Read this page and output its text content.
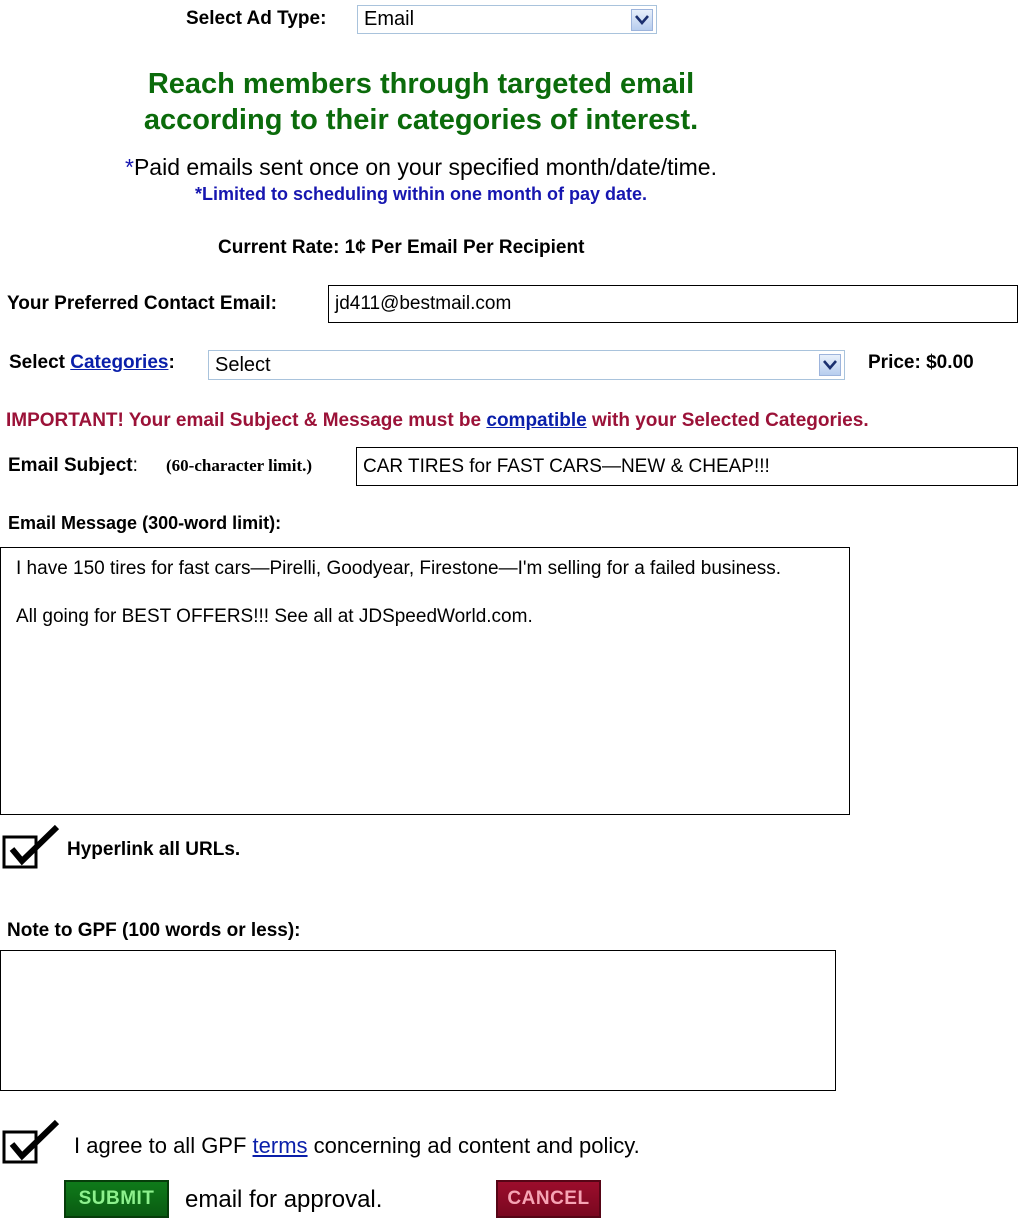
Select Ad Type:	Email
Reach members through targeted email
according to their categories of interest.
*Paid emails sent once on your specified month/date/time.
*Limited to scheduling within one month of pay date.
Current Rate: 1¢ Per Email Per Recipient
Your Preferred Contact Email:	jd411@bestmail.com
Select Categories:	Select	Price: $0.00
IMPORTANT! Your email Subject & Message must be compatible with your Selected Categories.
Email Subject: (60-character limit.)	CAR TIRES for FAST CARS—NEW & CHEAP!!!
Email Message (300-word limit):
I have 150 tires for fast cars—Pirelli, Goodyear, Firestone—I'm selling for a failed business.
All going for BEST OFFERS!!! See all at JDSpeedWorld.com.
Hyperlink all URLs.
Note to GPF (100 words or less):
I agree to all GPF terms concerning ad content and policy.
SUBMIT	email for approval.	CANCEL
